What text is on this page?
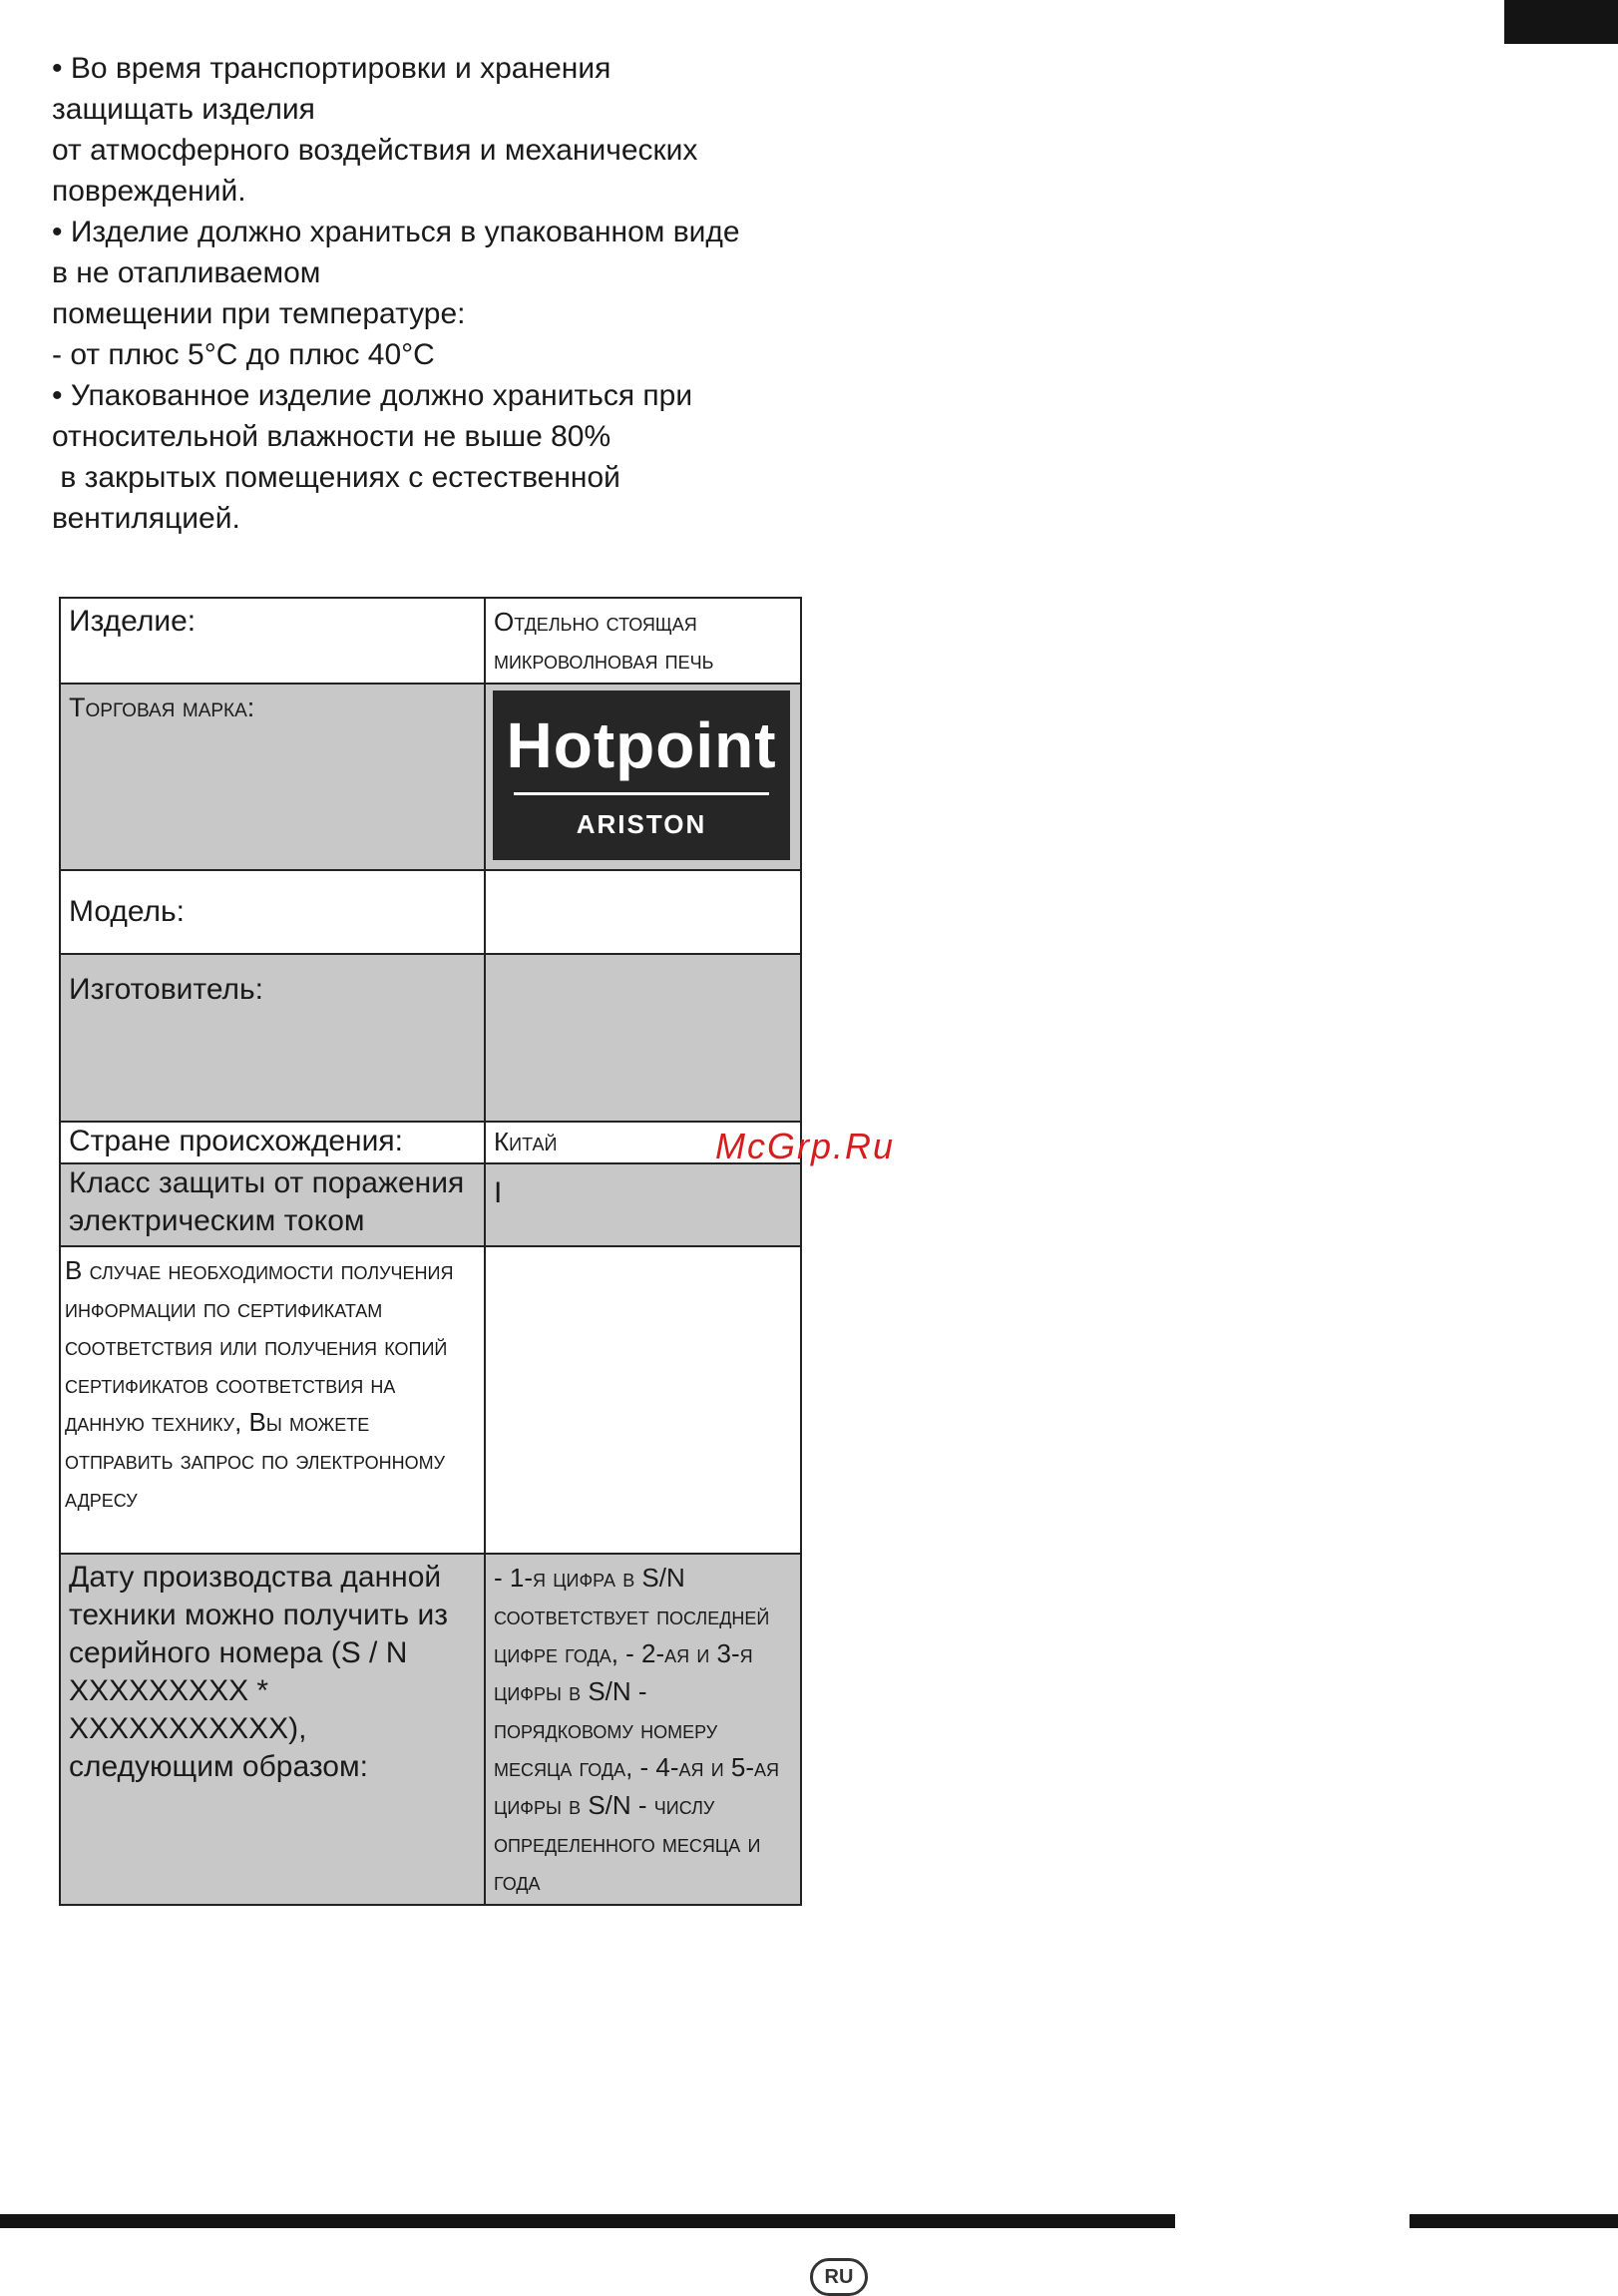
• Во время транспортировки и хранения

защищать изделия

от атмосферного воздействия и механических

повреждений.

• Изделие должно храниться в упакованном виде

в не отапливаемом

помещении при температуре:

- от плюс 5°С до плюс 40°С

• Упакованное изделие должно храниться при

относительной влажности не выше 80%

в закрытых помещениях с естественной

вентиляцией.

Изделие:	Отдельно стоящая микроволновая печь
Торговая марка:	Hotpoint
ARISTON

Модель:	
Изготовитель:	
Стране происхождения:	Китай
Класс защиты от поражения электрическим током	I
В случае необходимости получения информации по сертификатам соответствия или получения копий сертификатов соответствия на данную технику, Вы можете отправить запрос по электронному адресу	
Дату производства данной техники можно получить из серийного номера (S / N XXXXXXXXX * XXXXXXXXXXX), следующим образом:	- 1-я цифра в S/N соответствует последней цифре года, - 2-ая и 3-я цифры в S/N - порядковому номеру месяца года, - 4-ая и 5-ая цифры в S/N - числу определенного месяца и года
McGrp.Ru
RU
